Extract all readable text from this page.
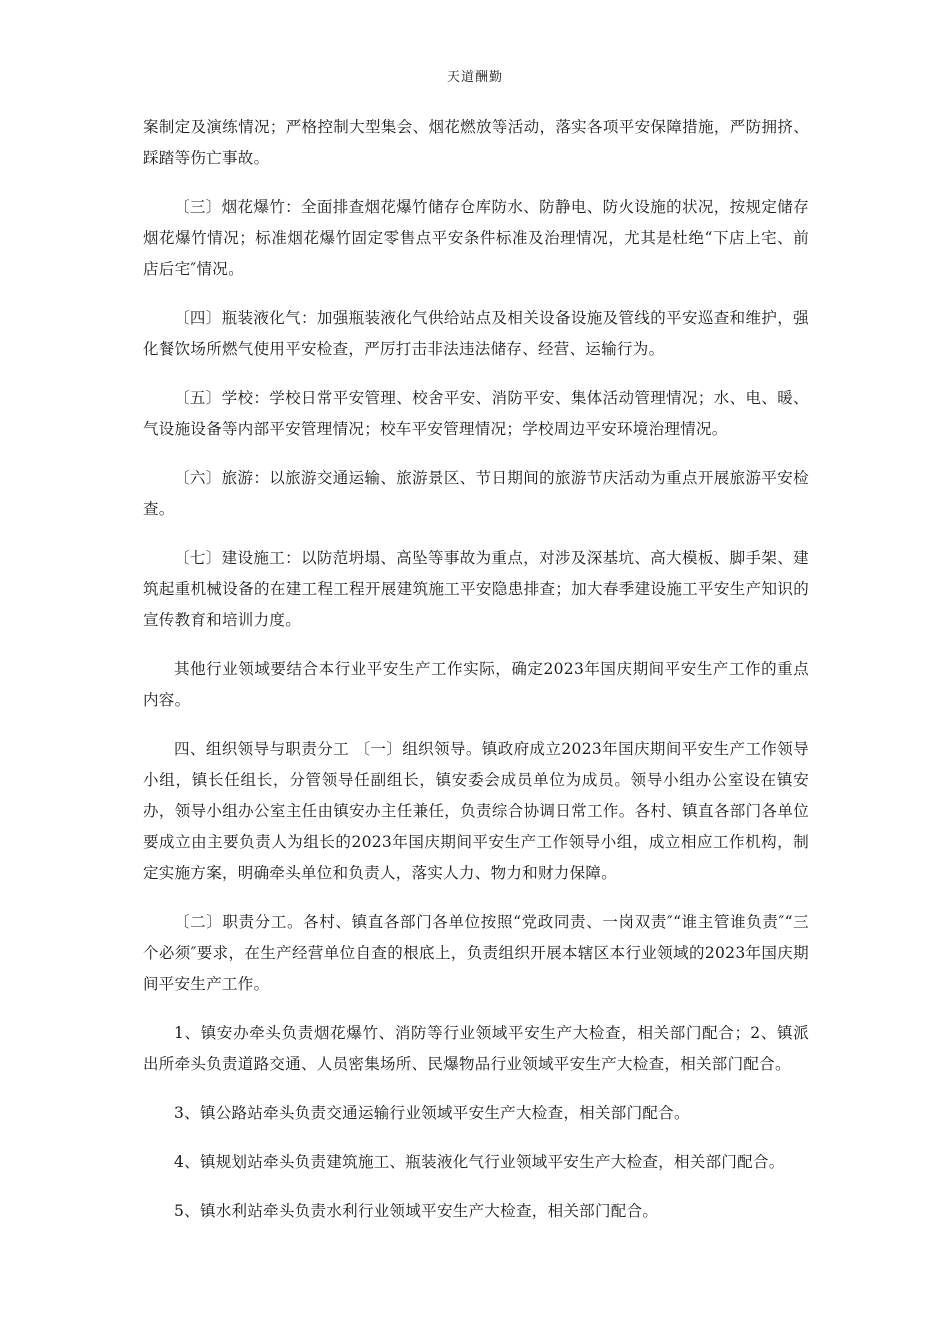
天道酬勤

案制定及演练情况；严格控制大型集会、烟花燃放等活动，落实各项平安保障措施，严防拥挤、踩踏等伤亡事故。

〔三〕烟花爆竹：全面排查烟花爆竹储存仓库防水、防静电、防火设施的状况，按规定储存烟花爆竹情况；标准烟花爆竹固定零售点平安条件标准及治理情况，尤其是杜绝“下店上宅、前店后宅″情况。

〔四〕瓶装液化气：加强瓶装液化气供给站点及相关设备设施及管线的平安巡查和维护，强化餐饮场所燃气使用平安检查，严厉打击非法违法储存、经营、运输行为。

〔五〕学校：学校日常平安管理、校舍平安、消防平安、集体活动管理情况；水、电、暖、气设施设备等内部平安管理情况；校车平安管理情况；学校周边平安环境治理情况。

〔六〕旅游：以旅游交通运输、旅游景区、节日期间的旅游节庆活动为重点开展旅游平安检查。

〔七〕建设施工：以防范坍塌、高坠等事故为重点，对涉及深基坑、高大模板、脚手架、建筑起重机械设备的在建工程工程开展建筑施工平安隐患排查；加大春季建设施工平安生产知识的宣传教育和培训力度。

其他行业领域要结合本行业平安生产工作实际，确定2023年国庆期间平安生产工作的重点内容。

四、组织领导与职责分工 〔一〕组织领导。镇政府成立2023年国庆期间平安生产工作领导小组，镇长任组长，分管领导任副组长，镇安委会成员单位为成员。领导小组办公室设在镇安办，领导小组办公室主任由镇安办主任兼任，负责综合协调日常工作。各村、镇直各部门各单位要成立由主要负责人为组长的2023年国庆期间平安生产工作领导小组，成立相应工作机构，制定实施方案，明确牵头单位和负责人，落实人力、物力和财力保障。

〔二〕职责分工。各村、镇直各部门各单位按照“党政同责、一岗双责″“谁主管谁负责″“三个必须″要求，在生产经营单位自查的根底上，负责组织开展本辖区本行业领域的2023年国庆期间平安生产工作。

1、镇安办牵头负责烟花爆竹、消防等行业领域平安生产大检查，相关部门配合；2、镇派出所牵头负责道路交通、人员密集场所、民爆物品行业领域平安生产大检查，相关部门配合。

3、镇公路站牵头负责交通运输行业领域平安生产大检查，相关部门配合。

4、镇规划站牵头负责建筑施工、瓶装液化气行业领域平安生产大检查，相关部门配合。

5、镇水利站牵头负责水利行业领域平安生产大检查，相关部门配合。
